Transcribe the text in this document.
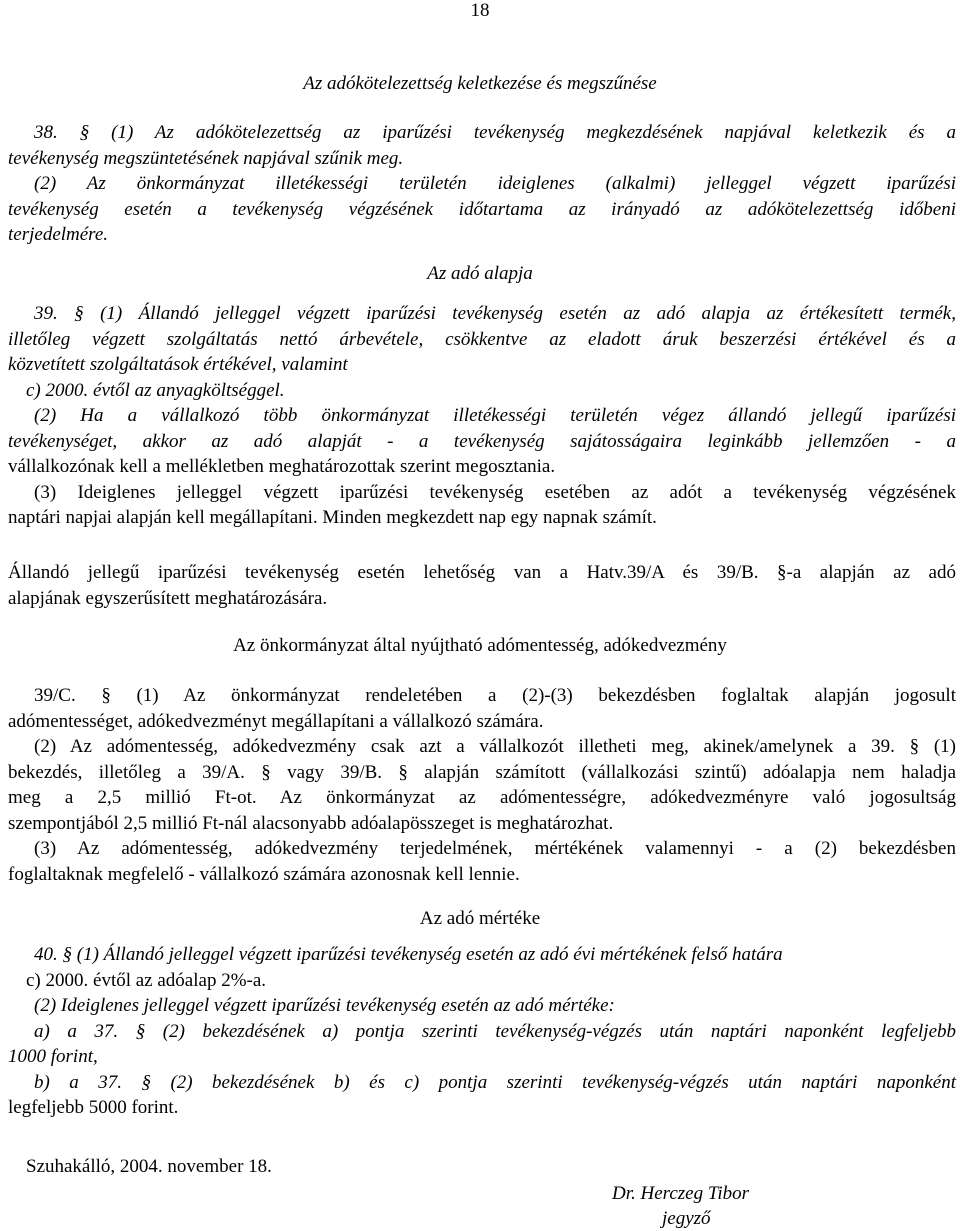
18
Az adókötelezettség keletkezése és megszűnése
38. § (1) Az adókötelezettség az iparűzési tevékenység megkezdésének napjával keletkezik és a
tevékenység megszüntetésének napjával szűnik meg.
(2) Az önkormányzat illetékességi területén ideiglenes (alkalmi) jelleggel végzett iparűzési
tevékenység esetén a tevékenység végzésének időtartama az irányadó az adókötelezettség időbeni
terjedelmére.
Az adó alapja
39. § (1) Állandó jelleggel végzett iparűzési tevékenység esetén az adó alapja az értékesített termék,
illetőleg végzett szolgáltatás nettó árbevétele, csökkentve az eladott áruk beszerzési értékével és a
közvetített szolgáltatások értékével, valamint
c) 2000. évtől az anyagköltséggel.
(2) Ha a vállalkozó több önkormányzat illetékességi területén végez állandó jellegű iparűzési
tevékenységet, akkor az adó alapját - a tevékenység sajátosságaira leginkább jellemzően - a
vállalkozónak kell a mellékletben meghatározottak szerint megosztania.
(3) Ideiglenes jelleggel végzett iparűzési tevékenység esetében az adót a tevékenység végzésének
naptári napjai alapján kell megállapítani. Minden megkezdett nap egy napnak számít.
Állandó jellegű iparűzési tevékenység esetén lehetőség van a Hatv.39/A és 39/B. §-a alapján az adó
alapjának egyszerűsített meghatározására.
Az önkormányzat által nyújtható adómentesség, adókedvezmény
39/C. § (1) Az önkormányzat rendeletében a (2)-(3) bekezdésben foglaltak alapján jogosult
adómentességet, adókedvezményt megállapítani a vállalkozó számára.
(2) Az adómentesség, adókedvezmény csak azt a vállalkozót illetheti meg, akinek/amelynek a 39. § (1)
bekezdés, illetőleg a 39/A. § vagy 39/B. § alapján számított (vállalkozási szintű) adóalapja nem haladja
meg a 2,5 millió Ft-ot. Az önkormányzat az adómentességre, adókedvezményre való jogosultság
szempontjából 2,5 millió Ft-nál alacsonyabb adóalapösszeget is meghatározhat.
(3) Az adómentesség, adókedvezmény terjedelmének, mértékének valamennyi - a (2) bekezdésben
foglaltaknak megfelelő - vállalkozó számára azonosnak kell lennie.
Az adó mértéke
40. § (1) Állandó jelleggel végzett iparűzési tevékenység esetén az adó évi mértékének felső határa
c) 2000. évtől az adóalap 2%-a.
(2) Ideiglenes jelleggel végzett iparűzési tevékenység esetén az adó mértéke:
a) a 37. § (2) bekezdésének a) pontja szerinti tevékenység-végzés után naptári naponként legfeljebb
1000 forint,
b) a 37. § (2) bekezdésének b) és c) pontja szerinti tevékenység-végzés után naptári naponként
legfeljebb 5000 forint.
Szuhakálló, 2004. november 18.
Dr. Herczeg Tibor
jegyző
